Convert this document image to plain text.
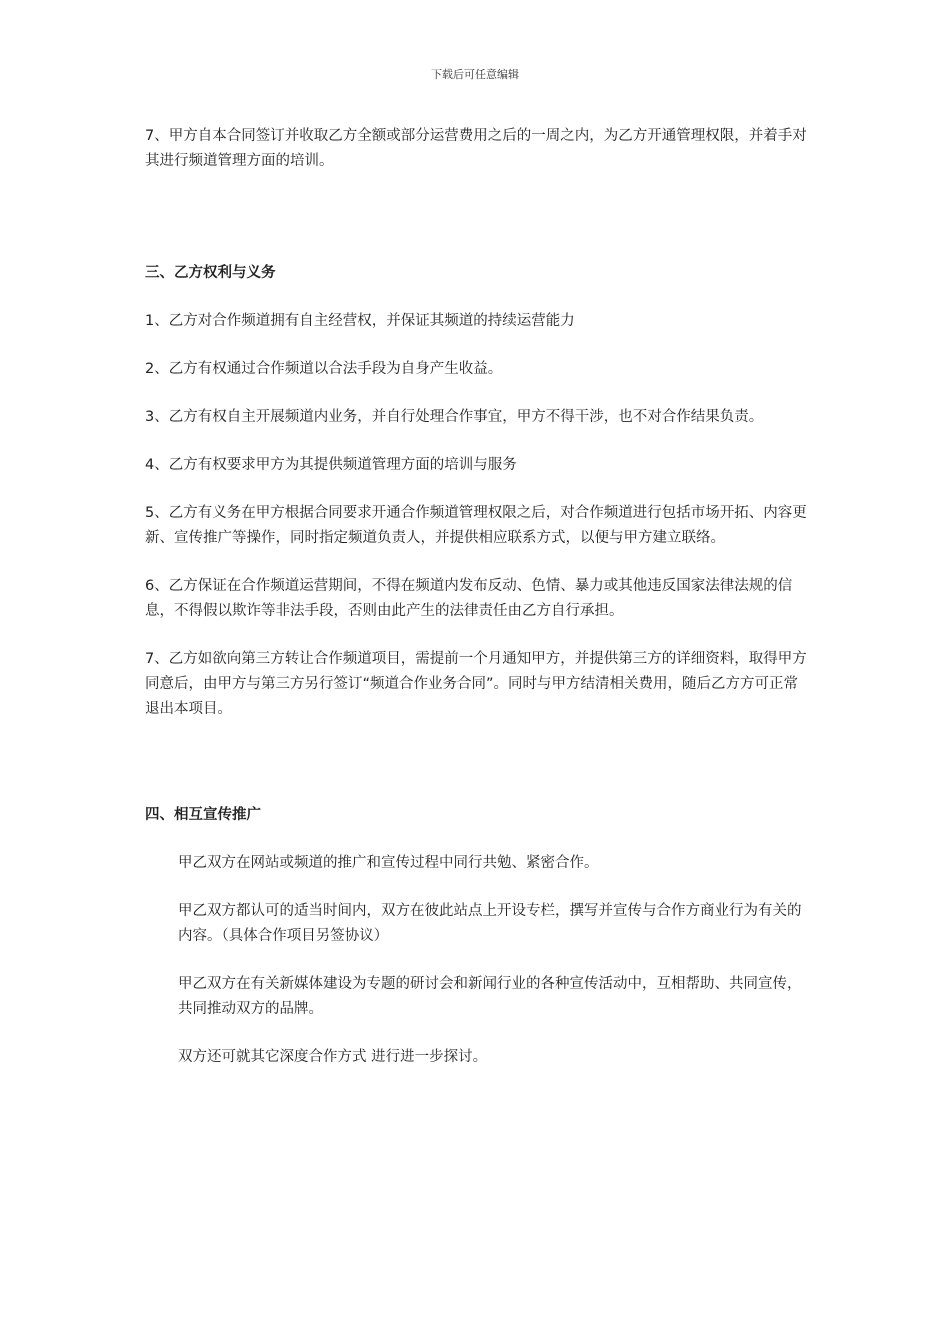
下载后可任意编辑

7、甲方自本合同签订并收取乙方全额或部分运营费用之后的一周之内，为乙方开通管理权限，并着手对其进行频道管理方面的培训。

三、乙方权利与义务

1、乙方对合作频道拥有自主经营权，并保证其频道的持续运营能力

2、乙方有权通过合作频道以合法手段为自身产生收益。

3、乙方有权自主开展频道内业务，并自行处理合作事宜，甲方不得干涉，也不对合作结果负责。

4、乙方有权要求甲方为其提供频道管理方面的培训与服务

5、乙方有义务在甲方根据合同要求开通合作频道管理权限之后，对合作频道进行包括市场开拓、内容更新、宣传推广等操作，同时指定频道负责人，并提供相应联系方式，以便与甲方建立联络。

6、乙方保证在合作频道运营期间，不得在频道内发布反动、色情、暴力或其他违反国家法律法规的信息，不得假以欺诈等非法手段，否则由此产生的法律责任由乙方自行承担。

7、乙方如欲向第三方转让合作频道项目，需提前一个月通知甲方，并提供第三方的详细资料，取得甲方同意后，由甲方与第三方另行签订“频道合作业务合同”。同时与甲方结清相关费用，随后乙方方可正常退出本项目。

四、相互宣传推广

甲乙双方在网站或频道的推广和宣传过程中同行共勉、紧密合作。

甲乙双方都认可的适当时间内，双方在彼此站点上开设专栏，撰写并宣传与合作方商业行为有关的内容。（具体合作项目另签协议）

甲乙双方在有关新媒体建设为专题的研讨会和新闻行业的各种宣传活动中，互相帮助、共同宣传，共同推动双方的品牌。

双方还可就其它深度合作方式 进行进一步探讨。
